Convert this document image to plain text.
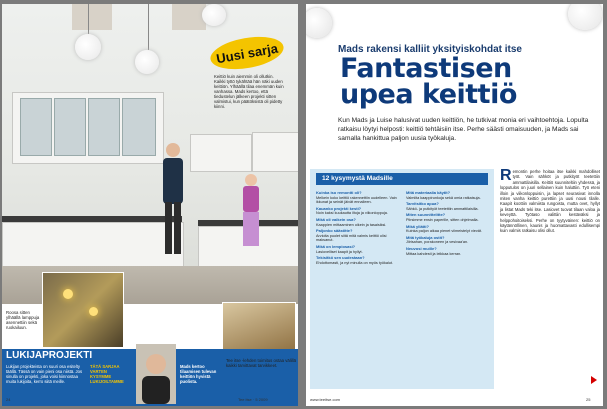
Uusi sarja
Keittiö kuin aiemmin oli ollutkin. Kaikki tyttö tykähtää hän näki uuden keittiön. Ylhäällä tilaa enemmän kuin vanhassa. Mads kertoo, että tiedustelun jälkeen projekti sitten valmistui, kun päätöksistä oli pidetty kiinni.
Roosa sitten ylhäällä lamppuja asennettiin sekä ruokailuun.
LUKIJAPROJEKTI
Lukijan projekteista on suuri osa esitelty täällä. Tässä on vain pieni osa niistä. Jos sinulla on projekti, joka voisi kiinnostaa muita lukijoita, kerro siitä meille.
TÄTÄ SARJAA VARTEN KYSYMME LUKIJOILTAMME
Mads kertoo tilaamisen tulevan keittiön hyvistä puolista.
Tee itse -lehden toimitus ostaa välillä kaikki tarvittavat tarvikkeet.
24	Tee itse · 5 2009
Mads rakensi kalliit yksityiskohdat itse
Fantastisen
upea keittiö
Kun Mads ja Luise halusivat uuden keittiön, he tutkivat monia eri vaihtoehtoja. Lopulta ratkaisu löytyi helposti: keittiö tehtäisiin itse. Perhe säästi omaisuuden, ja Mads sai samalla hankittua paljon uusia työkaluja.
12 kysymystä Madsille
Kuinka iso remontti oli?
Melkein koko keittiö rakennettiin uudelleen. Vain ikkunat ja seinät jäivät ennalleen.
Kauanko projekti kesti?
Noin kaksi kuukautta iltoja ja viikonloppuja.
Mikä oli vaikein osa?
Kaappien mittaaminen oikein ja tasaisiksi.
Paljonko säästitte?
Arviolta puolet siitä mitä valmis keittiö olisi maksanut.
Mikä on lempiosasi?
Lasiovelliset kaapit ja hyllyt.
Tekisitkö sen uudestaan?
Ehdottomasti, ja nyt minulla on myös työkalut.
Mitä materiaalia käytit?
Valmiita kaappirunkoja sekä omia ratkaisuja.
Tarvitsitko apua?
Sähkö- ja putkityöt teetettiin ammattilaisilla.
Miten suunnittelitte?
Piirsimme ensin paperille, sitten ohjelmalla.
Mikä yllätti?
Kuinka paljon aikaa pienet viimeistelyt vievät.
Mitä työkaluja ostit?
Jiirisahan, porakoneen ja vesivaa'an.
Neuvosi muille?
Mittaa kahdesti ja leikkaa kerran.
Remontin perhe hoitaa itse kaikki mahdolliset työt. Vain sähköt ja putkityöt teetettiin ammattilaisilla. Keittiö suunniteltiin yhdessä, ja lopputulos on juuri sellainen kuin haluttiin. Työ eteni illoin ja viikonloppuisin, ja lapset seurasivat innolla miten vanha keittiö purettiin ja uusi nousi tilalle. Kaapit koottiin valmiista rungoista, mutta ovet, hyllyt ja listat Mads teki itse. Lasiovet tuovat tilaan valoa ja keveyttä. Työtaso valittiin kestäväksi ja helppohoitoiseksi. Perhe on tyytyväinen: keittiö on käytännöllinen, kaunis ja huomattavasti edullisempi kuin valmis ratkaisu olisi ollut.
www.teeitse.com	25
